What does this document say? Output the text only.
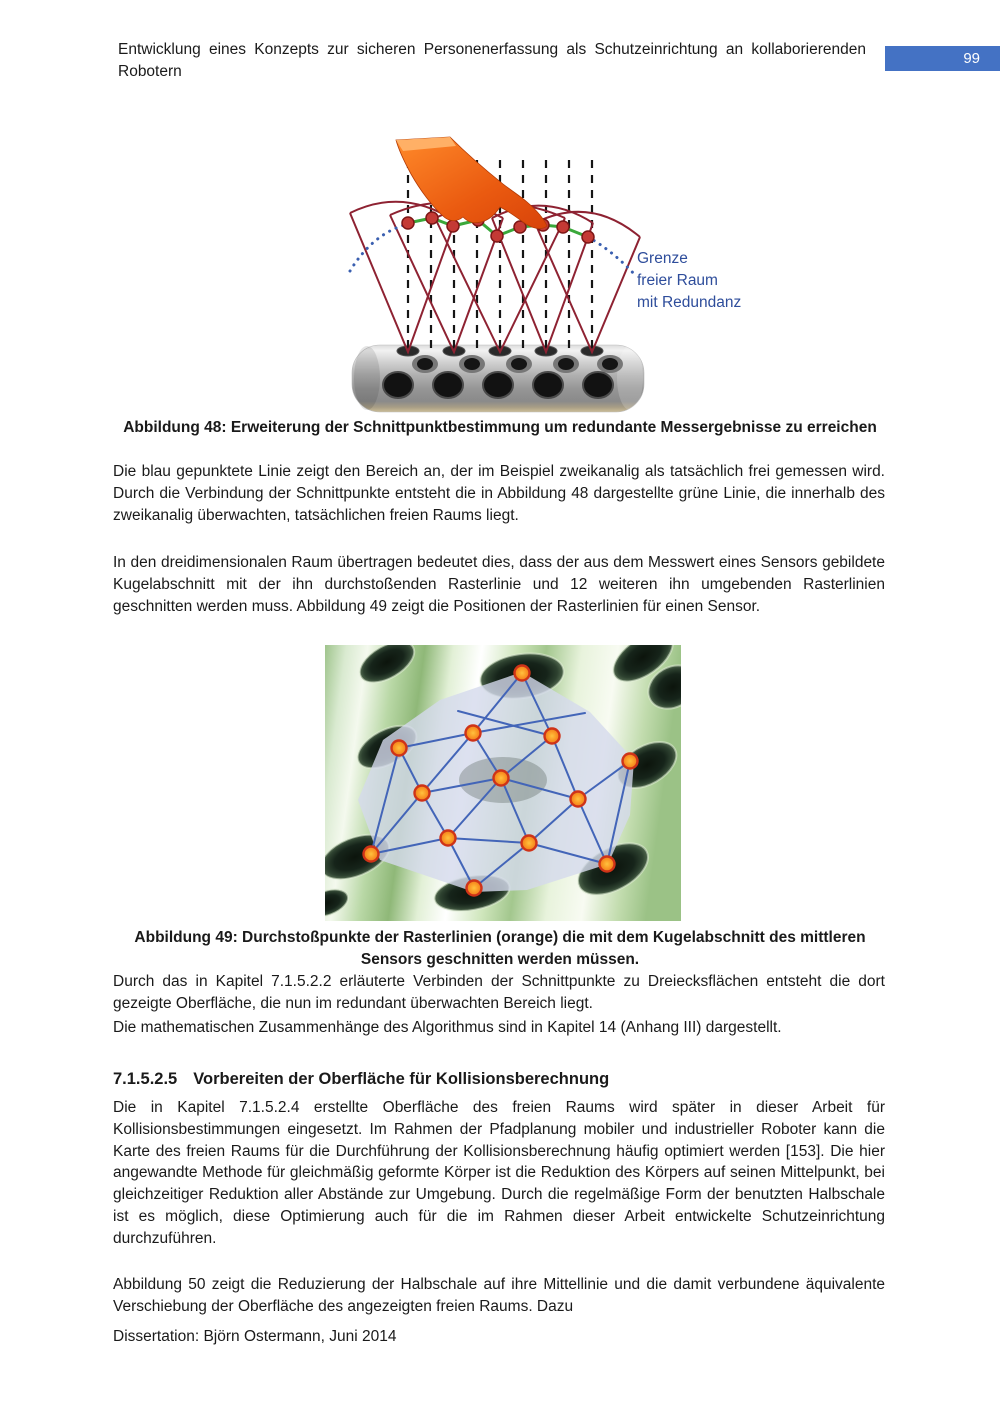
Entwicklung eines Konzepts zur sicheren Personenerfassung als Schutzeinrichtung an kollaborierenden Robotern
99
Grenze
freier Raum
mit Redundanz
Abbildung 48: Erweiterung der Schnittpunktbestimmung um redundante Messergebnisse zu erreichen
Die blau gepunktete Linie zeigt den Bereich an, der im Beispiel zweikanalig als tatsächlich frei gemessen wird. Durch die Verbindung der Schnittpunkte entsteht die in Abbildung 48 dargestellte grüne Linie, die innerhalb des zweikanalig überwachten, tatsächlichen freien Raums liegt.
In den dreidimensionalen Raum übertragen bedeutet dies, dass der aus dem Messwert eines Sensors gebildete Kugelabschnitt mit der ihn durchstoßenden Rasterlinie und 12 weiteren ihn umgebenden Rasterlinien geschnitten werden muss. Abbildung 49 zeigt die Positionen der Rasterlinien für einen Sensor.
Abbildung 49: Durchstoßpunkte der Rasterlinien (orange) die mit dem Kugelabschnitt des mittleren Sensors geschnitten werden müssen.
Durch das in Kapitel 7.1.5.2.2 erläuterte Verbinden der Schnittpunkte zu Dreiecksflächen entsteht die dort gezeigte Oberfläche, die nun im redundant überwachten Bereich liegt.
Die mathematischen Zusammenhänge des Algorithmus sind in Kapitel 14 (Anhang III) dargestellt.
7.1.5.2.5 Vorbereiten der Oberfläche für Kollisionsberechnung
Die in Kapitel 7.1.5.2.4 erstellte Oberfläche des freien Raums wird später in dieser Arbeit für Kollisionsbestimmungen eingesetzt. Im Rahmen der Pfadplanung mobiler und industrieller Roboter kann die Karte des freien Raums für die Durchführung der Kollisionsberechnung häufig optimiert werden [153]. Die hier angewandte Methode für gleichmäßig geformte Körper ist die Reduktion des Körpers auf seinen Mittelpunkt, bei gleichzeitiger Reduktion aller Abstände zur Umgebung. Durch die regelmäßige Form der benutzten Halbschale ist es möglich, diese Optimierung auch für die im Rahmen dieser Arbeit entwickelte Schutzeinrichtung durchzuführen.
Abbildung 50 zeigt die Reduzierung der Halbschale auf ihre Mittellinie und die damit verbundene äquivalente Verschiebung der Oberfläche des angezeigten freien Raums. Dazu
Dissertation: Björn Ostermann, Juni 2014
